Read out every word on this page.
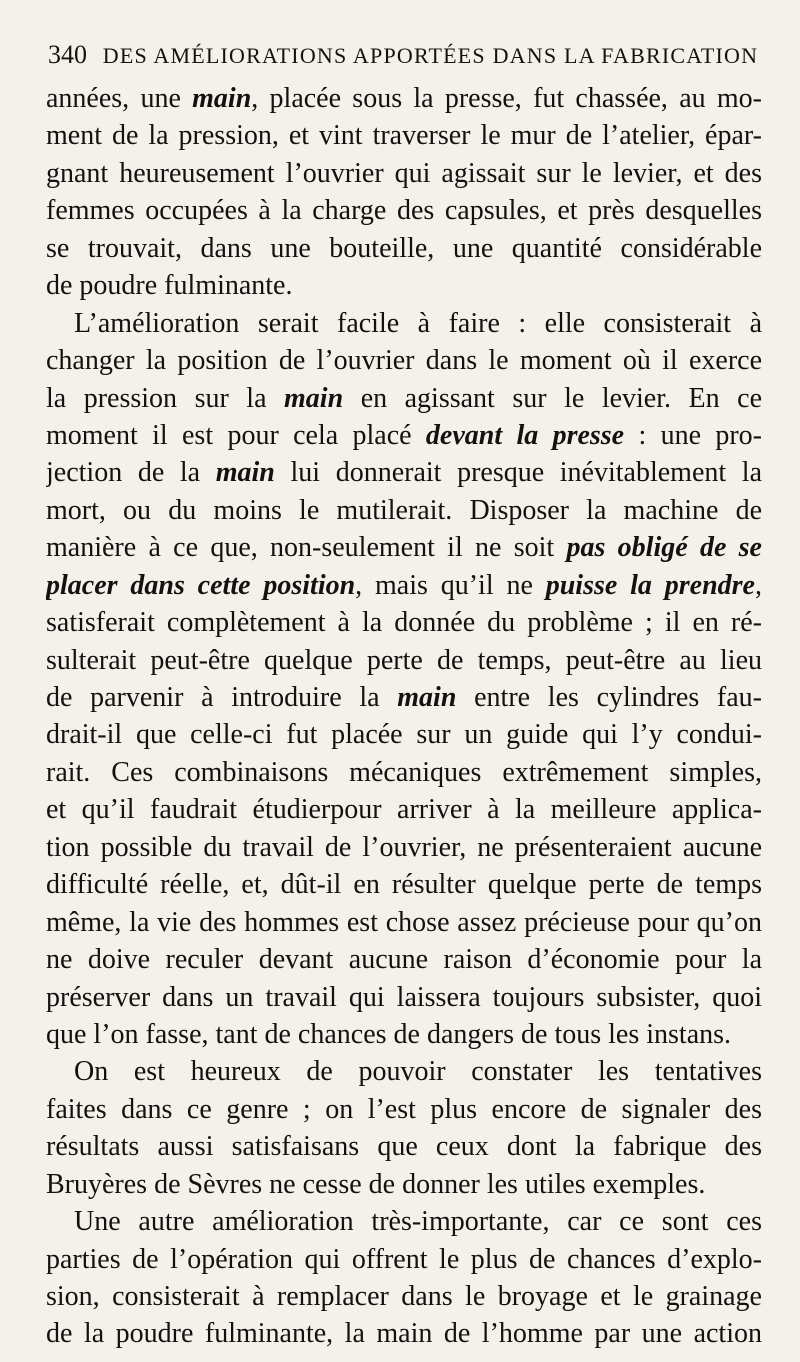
340 DES AMÉLIORATIONS APPORTÉES DANS LA FABRICATION
années, une main, placée sous la presse, fut chassée, au mo-
ment de la pression, et vint traverser le mur de l’atelier, épar-
gnant heureusement l’ouvrier qui agissait sur le levier, et des
femmes occupées à la charge des capsules, et près desquelles
se trouvait, dans une bouteille, une quantité considérable
de poudre fulminante.
L’amélioration serait facile à faire : elle consisterait à
changer la position de l’ouvrier dans le moment où il exerce
la pression sur la main en agissant sur le levier. En ce
moment il est pour cela placé devant la presse : une pro-
jection de la main lui donnerait presque inévitablement la
mort, ou du moins le mutilerait. Disposer la machine de
manière à ce que, non-seulement il ne soit pas obligé de se
placer dans cette position, mais qu’il ne puisse la prendre,
satisferait complètement à la donnée du problème ; il en ré-
sulterait peut-être quelque perte de temps, peut-être au lieu
de parvenir à introduire la main entre les cylindres fau-
drait-il que celle-ci fut placée sur un guide qui l’y condui-
rait. Ces combinaisons mécaniques extrêmement simples,
et qu’il faudrait étudierpour arriver à la meilleure applica-
tion possible du travail de l’ouvrier, ne présenteraient aucune
difficulté réelle, et, dût-il en résulter quelque perte de temps
même, la vie des hommes est chose assez précieuse pour qu’on
ne doive reculer devant aucune raison d’économie pour la
préserver dans un travail qui laissera toujours subsister, quoi
que l’on fasse, tant de chances de dangers de tous les instans.
On est heureux de pouvoir constater les tentatives
faites dans ce genre ; on l’est plus encore de signaler des
résultats aussi satisfaisans que ceux dont la fabrique des
Bruyères de Sèvres ne cesse de donner les utiles exemples.
Une autre amélioration très-importante, car ce sont ces
parties de l’opération qui offrent le plus de chances d’explo-
sion, consisterait à remplacer dans le broyage et le grainage
de la poudre fulminante, la main de l’homme par une action
